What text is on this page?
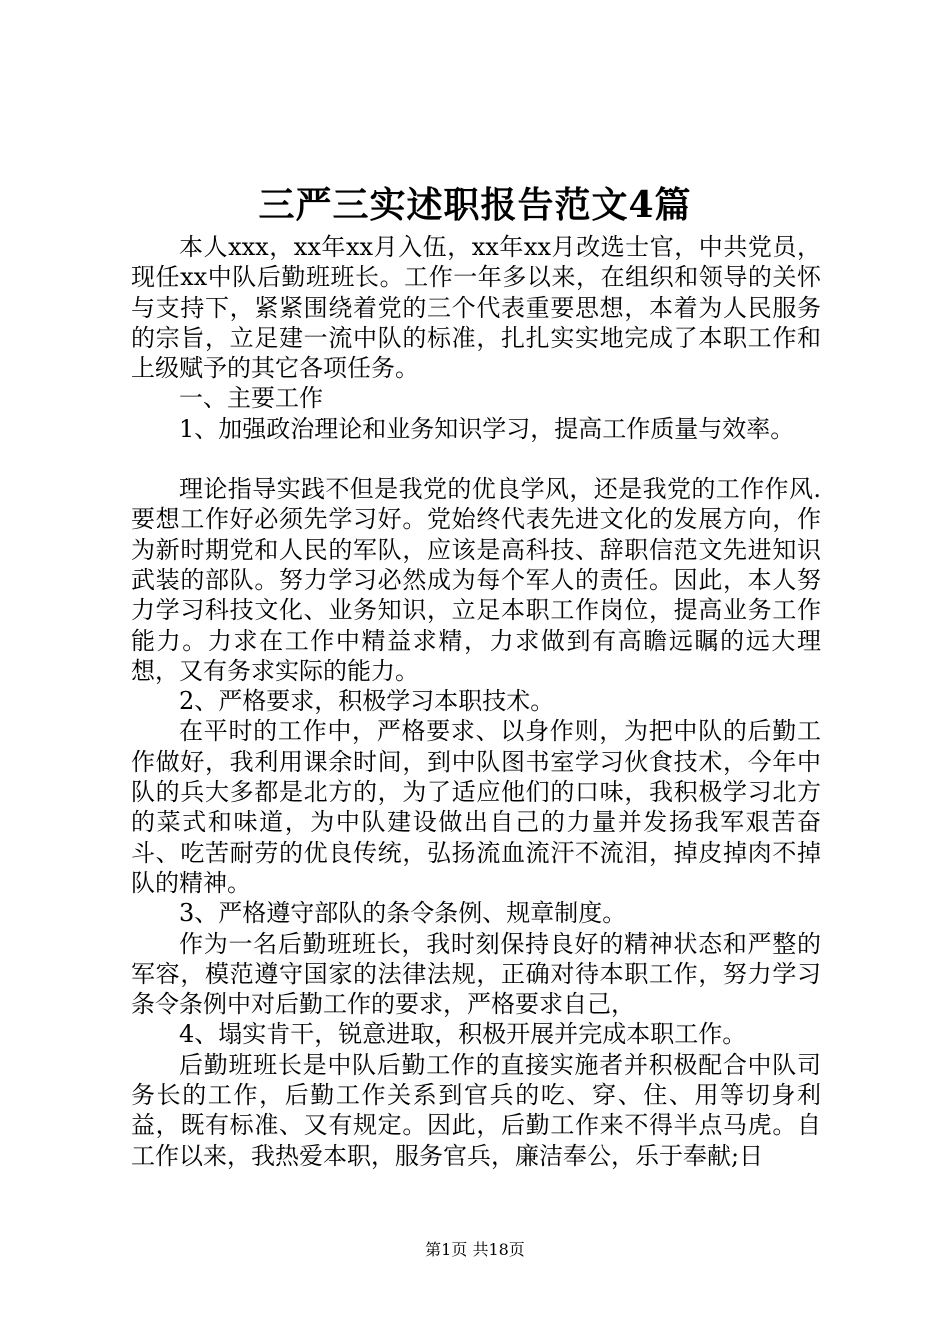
三严三实述职报告范文4篇

本人xxx，xx年xx月入伍，xx年xx月改选士官，中共党员，现任xx中队后勤班班长。工作一年多以来，在组织和领导的关怀与支持下，紧紧围绕着党的三个代表重要思想，本着为人民服务的宗旨，立足建一流中队的标准，扎扎实实地完成了本职工作和上级赋予的其它各项任务。

一、主要工作

1、加强政治理论和业务知识学习，提高工作质量与效率。

理论指导实践不但是我党的优良学风，还是我党的工作作风.要想工作好必须先学习好。党始终代表先进文化的发展方向，作为新时期党和人民的军队，应该是高科技、辞职信范文先进知识武装的部队。努力学习必然成为每个军人的责任。因此，本人努力学习科技文化、业务知识，立足本职工作岗位，提高业务工作能力。力求在工作中精益求精，力求做到有高瞻远瞩的远大理想，又有务求实际的能力。

2、严格要求，积极学习本职技术。

在平时的工作中，严格要求、以身作则，为把中队的后勤工作做好，我利用课余时间，到中队图书室学习伙食技术，今年中队的兵大多都是北方的，为了适应他们的口味，我积极学习北方的菜式和味道，为中队建设做出自己的力量并发扬我军艰苦奋斗、吃苦耐劳的优良传统，弘扬流血流汗不流泪，掉皮掉肉不掉队的精神。

3、严格遵守部队的条令条例、规章制度。

作为一名后勤班班长，我时刻保持良好的精神状态和严整的军容，模范遵守国家的法律法规，正确对待本职工作，努力学习条令条例中对后勤工作的要求，严格要求自己，

4、塌实肯干，锐意进取，积极开展并完成本职工作。

后勤班班长是中队后勤工作的直接实施者并积极配合中队司务长的工作，后勤工作关系到官兵的吃、穿、住、用等切身利益，既有标准、又有规定。因此，后勤工作来不得半点马虎。自工作以来，我热爱本职，服务官兵，廉洁奉公，乐于奉献;日

第1页 共18页
